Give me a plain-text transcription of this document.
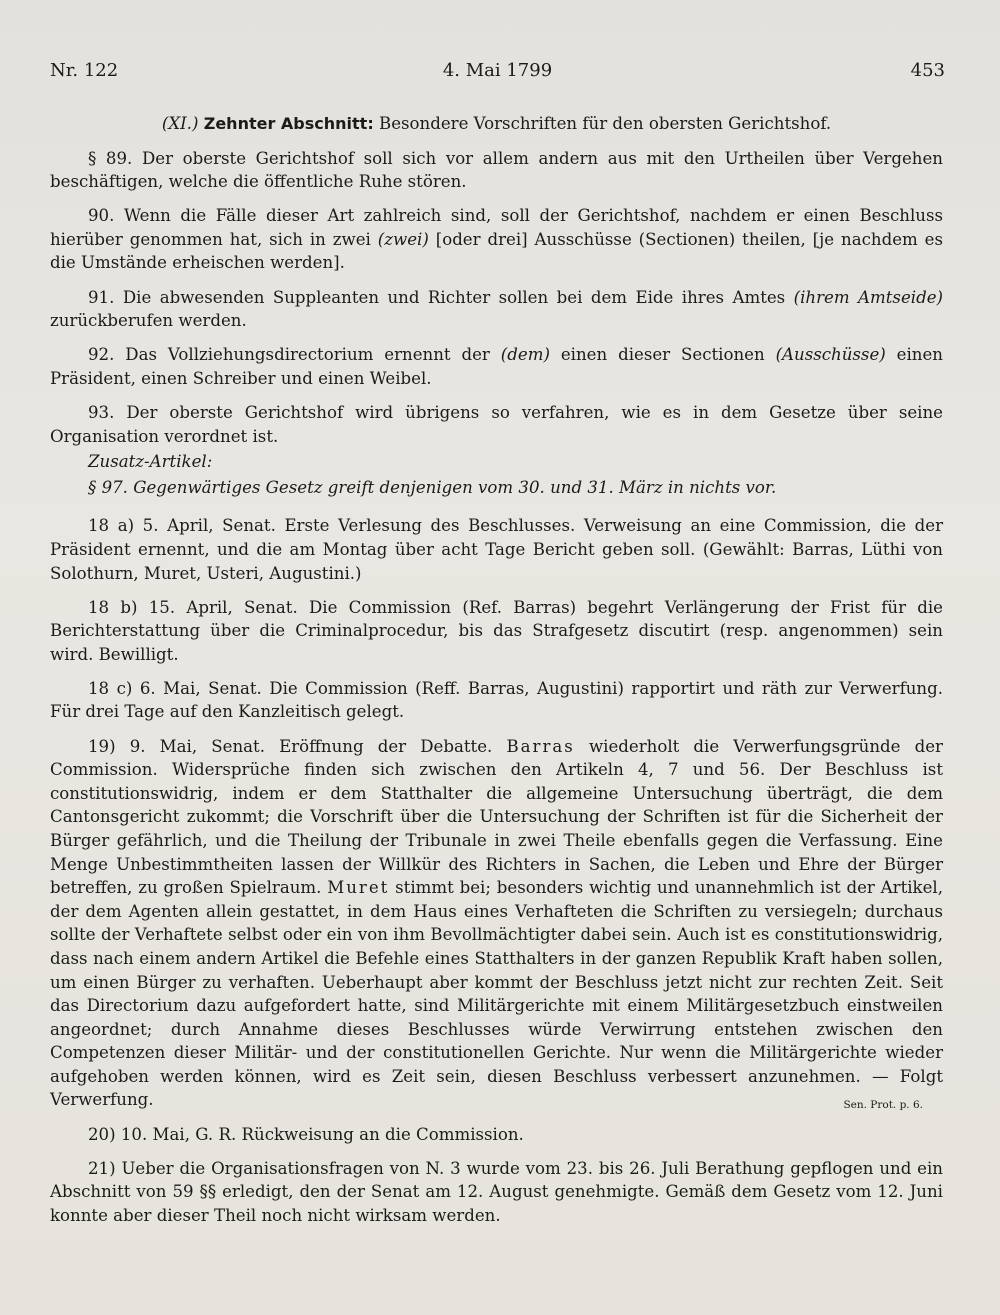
Nr. 122	4. Mai 1799	453
(XI.) Zehnter Abschnitt: Besondere Vorschriften für den obersten Gerichtshof.

§ 89. Der oberste Gerichtshof soll sich vor allem andern aus mit den Urtheilen über Vergehen beschäftigen, welche die öffentliche Ruhe stören.

90. Wenn die Fälle dieser Art zahlreich sind, soll der Gerichtshof, nachdem er einen Beschluss hierüber genommen hat, sich in zwei (zwei) [oder drei] Ausschüsse (Sectionen) theilen, [je nachdem es die Umstände erheischen werden].

91. Die abwesenden Suppleanten und Richter sollen bei dem Eide ihres Amtes (ihrem Amtseide) zurückberufen werden.

92. Das Vollziehungsdirectorium ernennt der (dem) einen dieser Sectionen (Ausschüsse) einen Präsident, einen Schreiber und einen Weibel.

93. Der oberste Gerichtshof wird übrigens so verfahren, wie es in dem Gesetze über seine Organisation verordnet ist.

Zusatz-Artikel:

§ 97. Gegenwärtiges Gesetz greift denjenigen vom 30. und 31. März in nichts vor.

18 a) 5. April, Senat. Erste Verlesung des Beschlusses. Verweisung an eine Commission, die der Präsident ernennt, und die am Montag über acht Tage Bericht geben soll. (Gewählt: Barras, Lüthi von Solothurn, Muret, Usteri, Augustini.)

18 b) 15. April, Senat. Die Commission (Ref. Barras) begehrt Verlängerung der Frist für die Berichterstattung über die Criminalprocedur, bis das Strafgesetz discutirt (resp. angenommen) sein wird. Bewilligt.

18 c) 6. Mai, Senat. Die Commission (Reff. Barras, Augustini) rapportirt und räth zur Verwerfung. Für drei Tage auf den Kanzleitisch gelegt.

19) 9. Mai, Senat. Eröffnung der Debatte. Barras wiederholt die Verwerfungsgründe der Commission. Widersprüche finden sich zwischen den Artikeln 4, 7 und 56. Der Beschluss ist constitutionswidrig, indem er dem Statthalter die allgemeine Untersuchung überträgt, die dem Cantonsgericht zukommt; die Vorschrift über die Untersuchung der Schriften ist für die Sicherheit der Bürger gefährlich, und die Theilung der Tribunale in zwei Theile ebenfalls gegen die Verfassung. Eine Menge Unbestimmtheiten lassen der Willkür des Richters in Sachen, die Leben und Ehre der Bürger betreffen, zu großen Spielraum. Muret stimmt bei; besonders wichtig und unannehmlich ist der Artikel, der dem Agenten allein gestattet, in dem Haus eines Verhafteten die Schriften zu versiegeln; durchaus sollte der Verhaftete selbst oder ein von ihm Bevollmächtigter dabei sein. Auch ist es constitutionswidrig, dass nach einem andern Artikel die Befehle eines Statthalters in der ganzen Republik Kraft haben sollen, um einen Bürger zu verhaften. Ueberhaupt aber kommt der Beschluss jetzt nicht zur rechten Zeit. Seit das Directorium dazu aufgefordert hatte, sind Militärgerichte mit einem Militärgesetzbuch einstweilen angeordnet; durch Annahme dieses Beschlusses würde Verwirrung entstehen zwischen den Competenzen dieser Militär- und der constitutionellen Gerichte. Nur wenn die Militärgerichte wieder aufgehoben werden können, wird es Zeit sein, diesen Beschluss verbessert anzunehmen. — Folgt Verwerfung.	Sen. Prot. p. 6.

20) 10. Mai, G. R. Rückweisung an die Commission.

21) Ueber die Organisationsfragen von N. 3 wurde vom 23. bis 26. Juli Berathung gepflogen und ein Abschnitt von 59 §§ erledigt, den der Senat am 12. August genehmigte. Gemäß dem Gesetz vom 12. Juni konnte aber dieser Theil noch nicht wirksam werden.
